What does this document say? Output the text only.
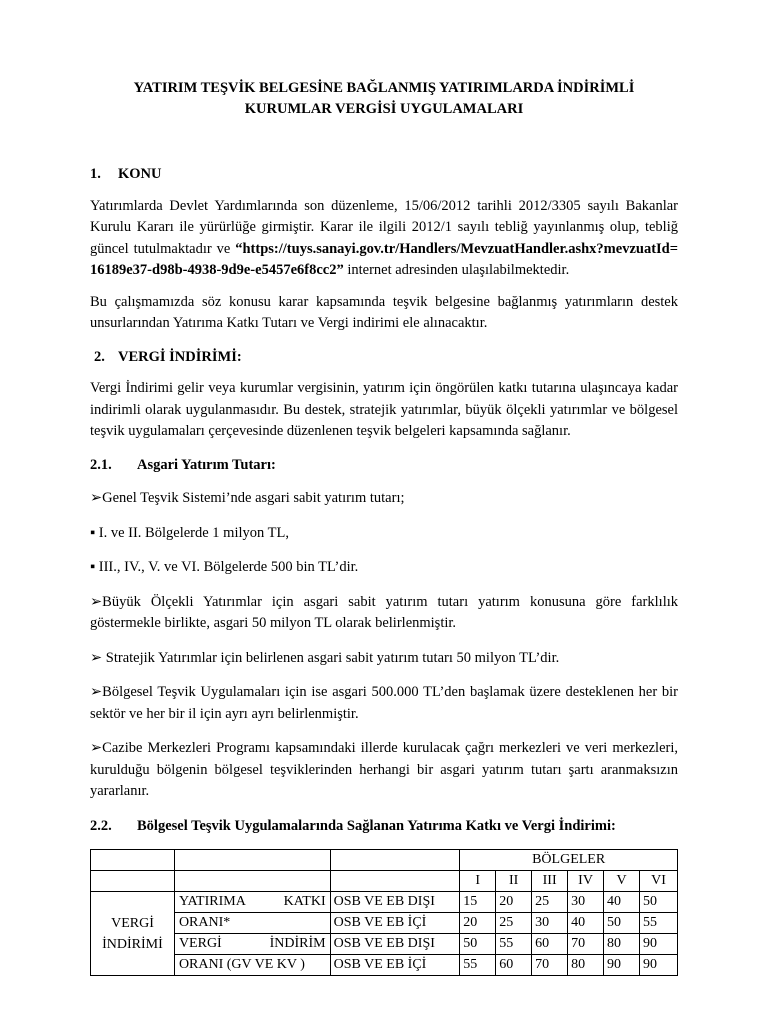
YATIRIM TEŞVİK BELGESİNE BAĞLANMIŞ YATIRIMLARDA İNDİRİMLİ
KURUMLAR VERGİSİ UYGULAMALARI
1.	KONU

Yatırımlarda Devlet Yardımlarında son düzenleme, 15/06/2012 tarihli 2012/3305 sayılı Bakanlar Kurulu Kararı ile yürürlüğe girmiştir. Karar ile ilgili 2012/1 sayılı tebliğ yayınlanmış olup, tebliğ güncel tutulmaktadır ve “https://tuys.sanayi.gov.tr/Handlers/MevzuatHandler.ashx?mevzuatId=16189e37-d98b-4938-9d9e-e5457e6f8cc2” internet adresinden ulaşılabilmektedir.

Bu çalışmamızda söz konusu karar kapsamında teşvik belgesine bağlanmış yatırımların destek unsurlarından Yatırıma Katkı Tutarı ve Vergi indirimi ele alınacaktır.

2. VERGİ İNDİRİMİ:

Vergi İndirimi gelir veya kurumlar vergisinin, yatırım için öngörülen katkı tutarına ulaşıncaya kadar indirimli olarak uygulanmasıdır. Bu destek, stratejik yatırımlar, büyük ölçekli yatırımlar ve bölgesel teşvik uygulamaları çerçevesinde düzenlenen teşvik belgeleri kapsamında sağlanır.

2.1.	Asgari Yatırım Tutarı:
➢Genel Teşvik Sistemi’nde asgari sabit yatırım tutarı;
▪ I. ve II. Bölgelerde 1 milyon TL,
▪ III., IV., V. ve VI. Bölgelerde 500 bin TL’dir.
➢Büyük Ölçekli Yatırımlar için asgari sabit yatırım tutarı yatırım konusuna göre farklılık göstermekle birlikte, asgari 50 milyon TL olarak belirlenmiştir.
➢ Stratejik Yatırımlar için belirlenen asgari sabit yatırım tutarı 50 milyon TL’dir.
➢Bölgesel Teşvik Uygulamaları için ise asgari 500.000 TL’den başlamak üzere desteklenen her bir sektör ve her bir il için ayrı ayrı belirlenmiştir.
➢Cazibe Merkezleri Programı kapsamındaki illerde kurulacak çağrı merkezleri ve veri merkezleri, kurulduğu bölgenin bölgesel teşviklerinden herhangi bir asgari yatırım tutarı şartı aranmaksızın yararlanır.
2.2.	Bölgesel Teşvik Uygulamalarında Sağlanan Yatırıma Katkı ve Vergi İndirimi:
			BÖLGELER					
			I	II	III	IV	V	VI

VERGİ
İNDİRİMİ	YATIRIMA KATKI	OSB VE EB DIŞI	15	20	25	30	40	50
	ORANI*	OSB VE EB İÇİ	20	25	30	40	50	55
	VERGİ İNDİRİM	OSB VE EB DIŞI	50	55	60	70	80	90
	ORANI (GV VE KV )	OSB VE EB İÇİ	55	60	70	80	90	90
